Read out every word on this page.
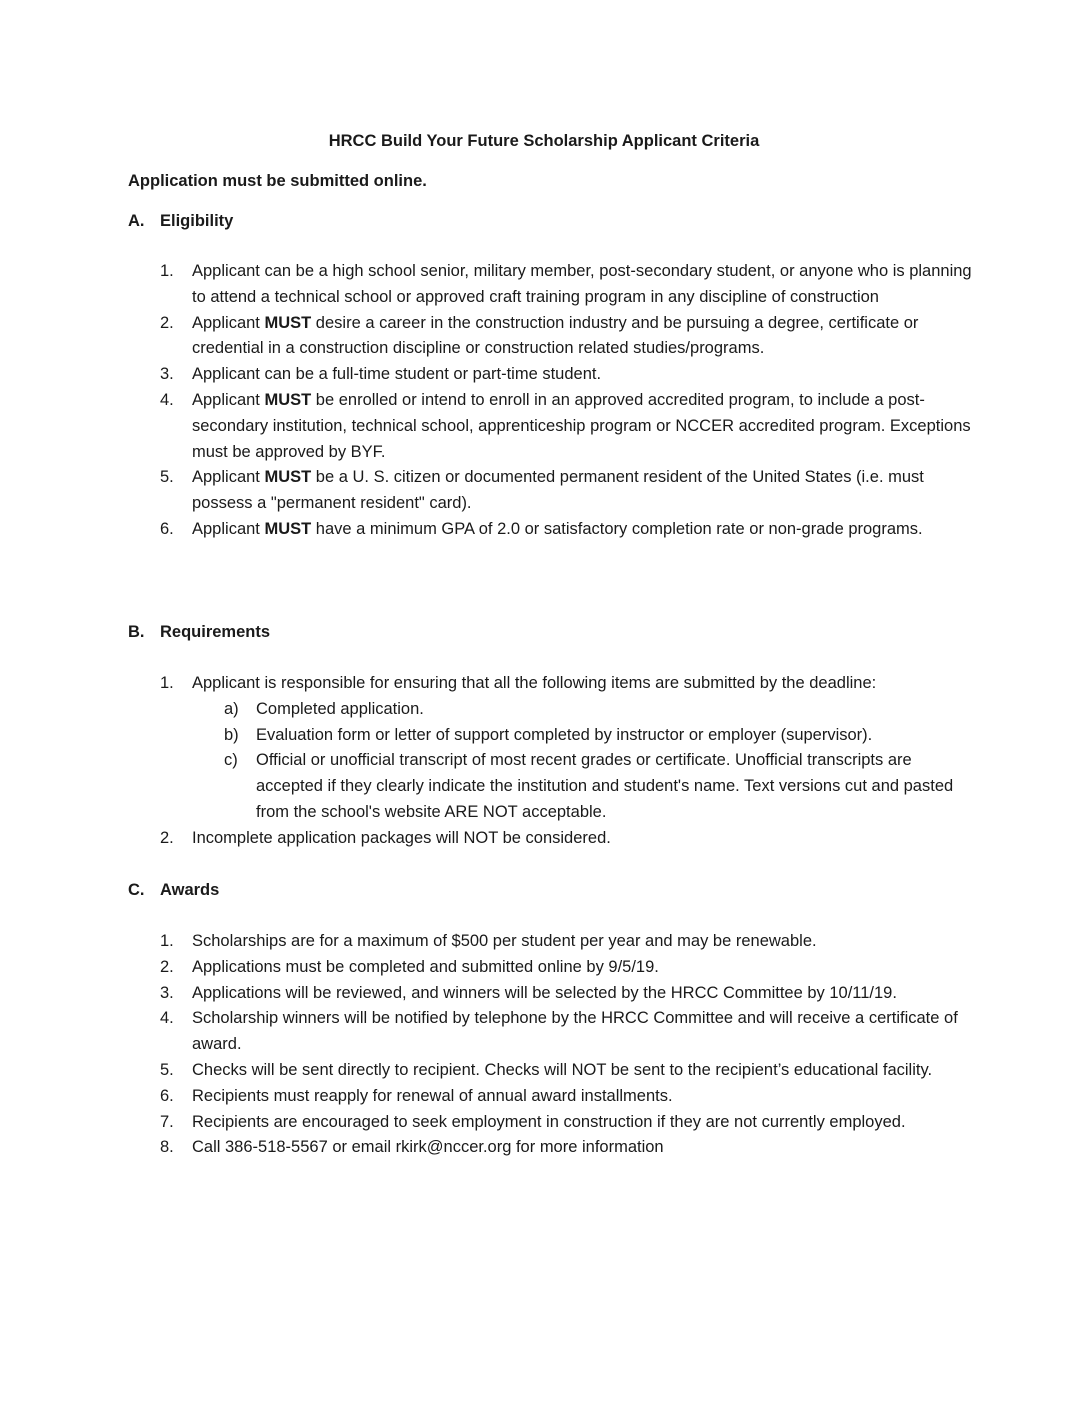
HRCC Build Your Future Scholarship Applicant Criteria
Application must be submitted online.
A. Eligibility
1.	Applicant can be a high school senior, military member, post-secondary student, or anyone who is planning to attend a technical school or approved craft training program in any discipline of construction
2.	Applicant MUST desire a career in the construction industry and be pursuing a degree, certificate or credential in a construction discipline or construction related studies/programs.
3.	Applicant can be a full-time student or part-time student.
4.	Applicant MUST be enrolled or intend to enroll in an approved accredited program, to include a post-secondary institution, technical school, apprenticeship program or NCCER accredited program. Exceptions must be approved by BYF.
5.	Applicant MUST be a U. S. citizen or documented permanent resident of the United States (i.e. must possess a "permanent resident" card).
6.	Applicant MUST have a minimum GPA of 2.0 or satisfactory completion rate or non-grade programs.
B. Requirements
1.	Applicant is responsible for ensuring that all the following items are submitted by the deadline:
a) Completed application.
b) Evaluation form or letter of support completed by instructor or employer (supervisor).
c) Official or unofficial transcript of most recent grades or certificate. Unofficial transcripts are accepted if they clearly indicate the institution and student's name. Text versions cut and pasted from the school's website ARE NOT acceptable.
2.	Incomplete application packages will NOT be considered.
C. Awards
1.	Scholarships are for a maximum of $500 per student per year and may be renewable.
2.	Applications must be completed and submitted online by 9/5/19.
3.	Applications will be reviewed, and winners will be selected by the HRCC Committee by 10/11/19.
4.	Scholarship winners will be notified by telephone by the HRCC Committee and will receive a certificate of award.
5.	Checks will be sent directly to recipient. Checks will NOT be sent to the recipient’s educational facility.
6.	Recipients must reapply for renewal of annual award installments.
7.	Recipients are encouraged to seek employment in construction if they are not currently employed.
8.	Call 386-518-5567 or email rkirk@nccer.org for more information
